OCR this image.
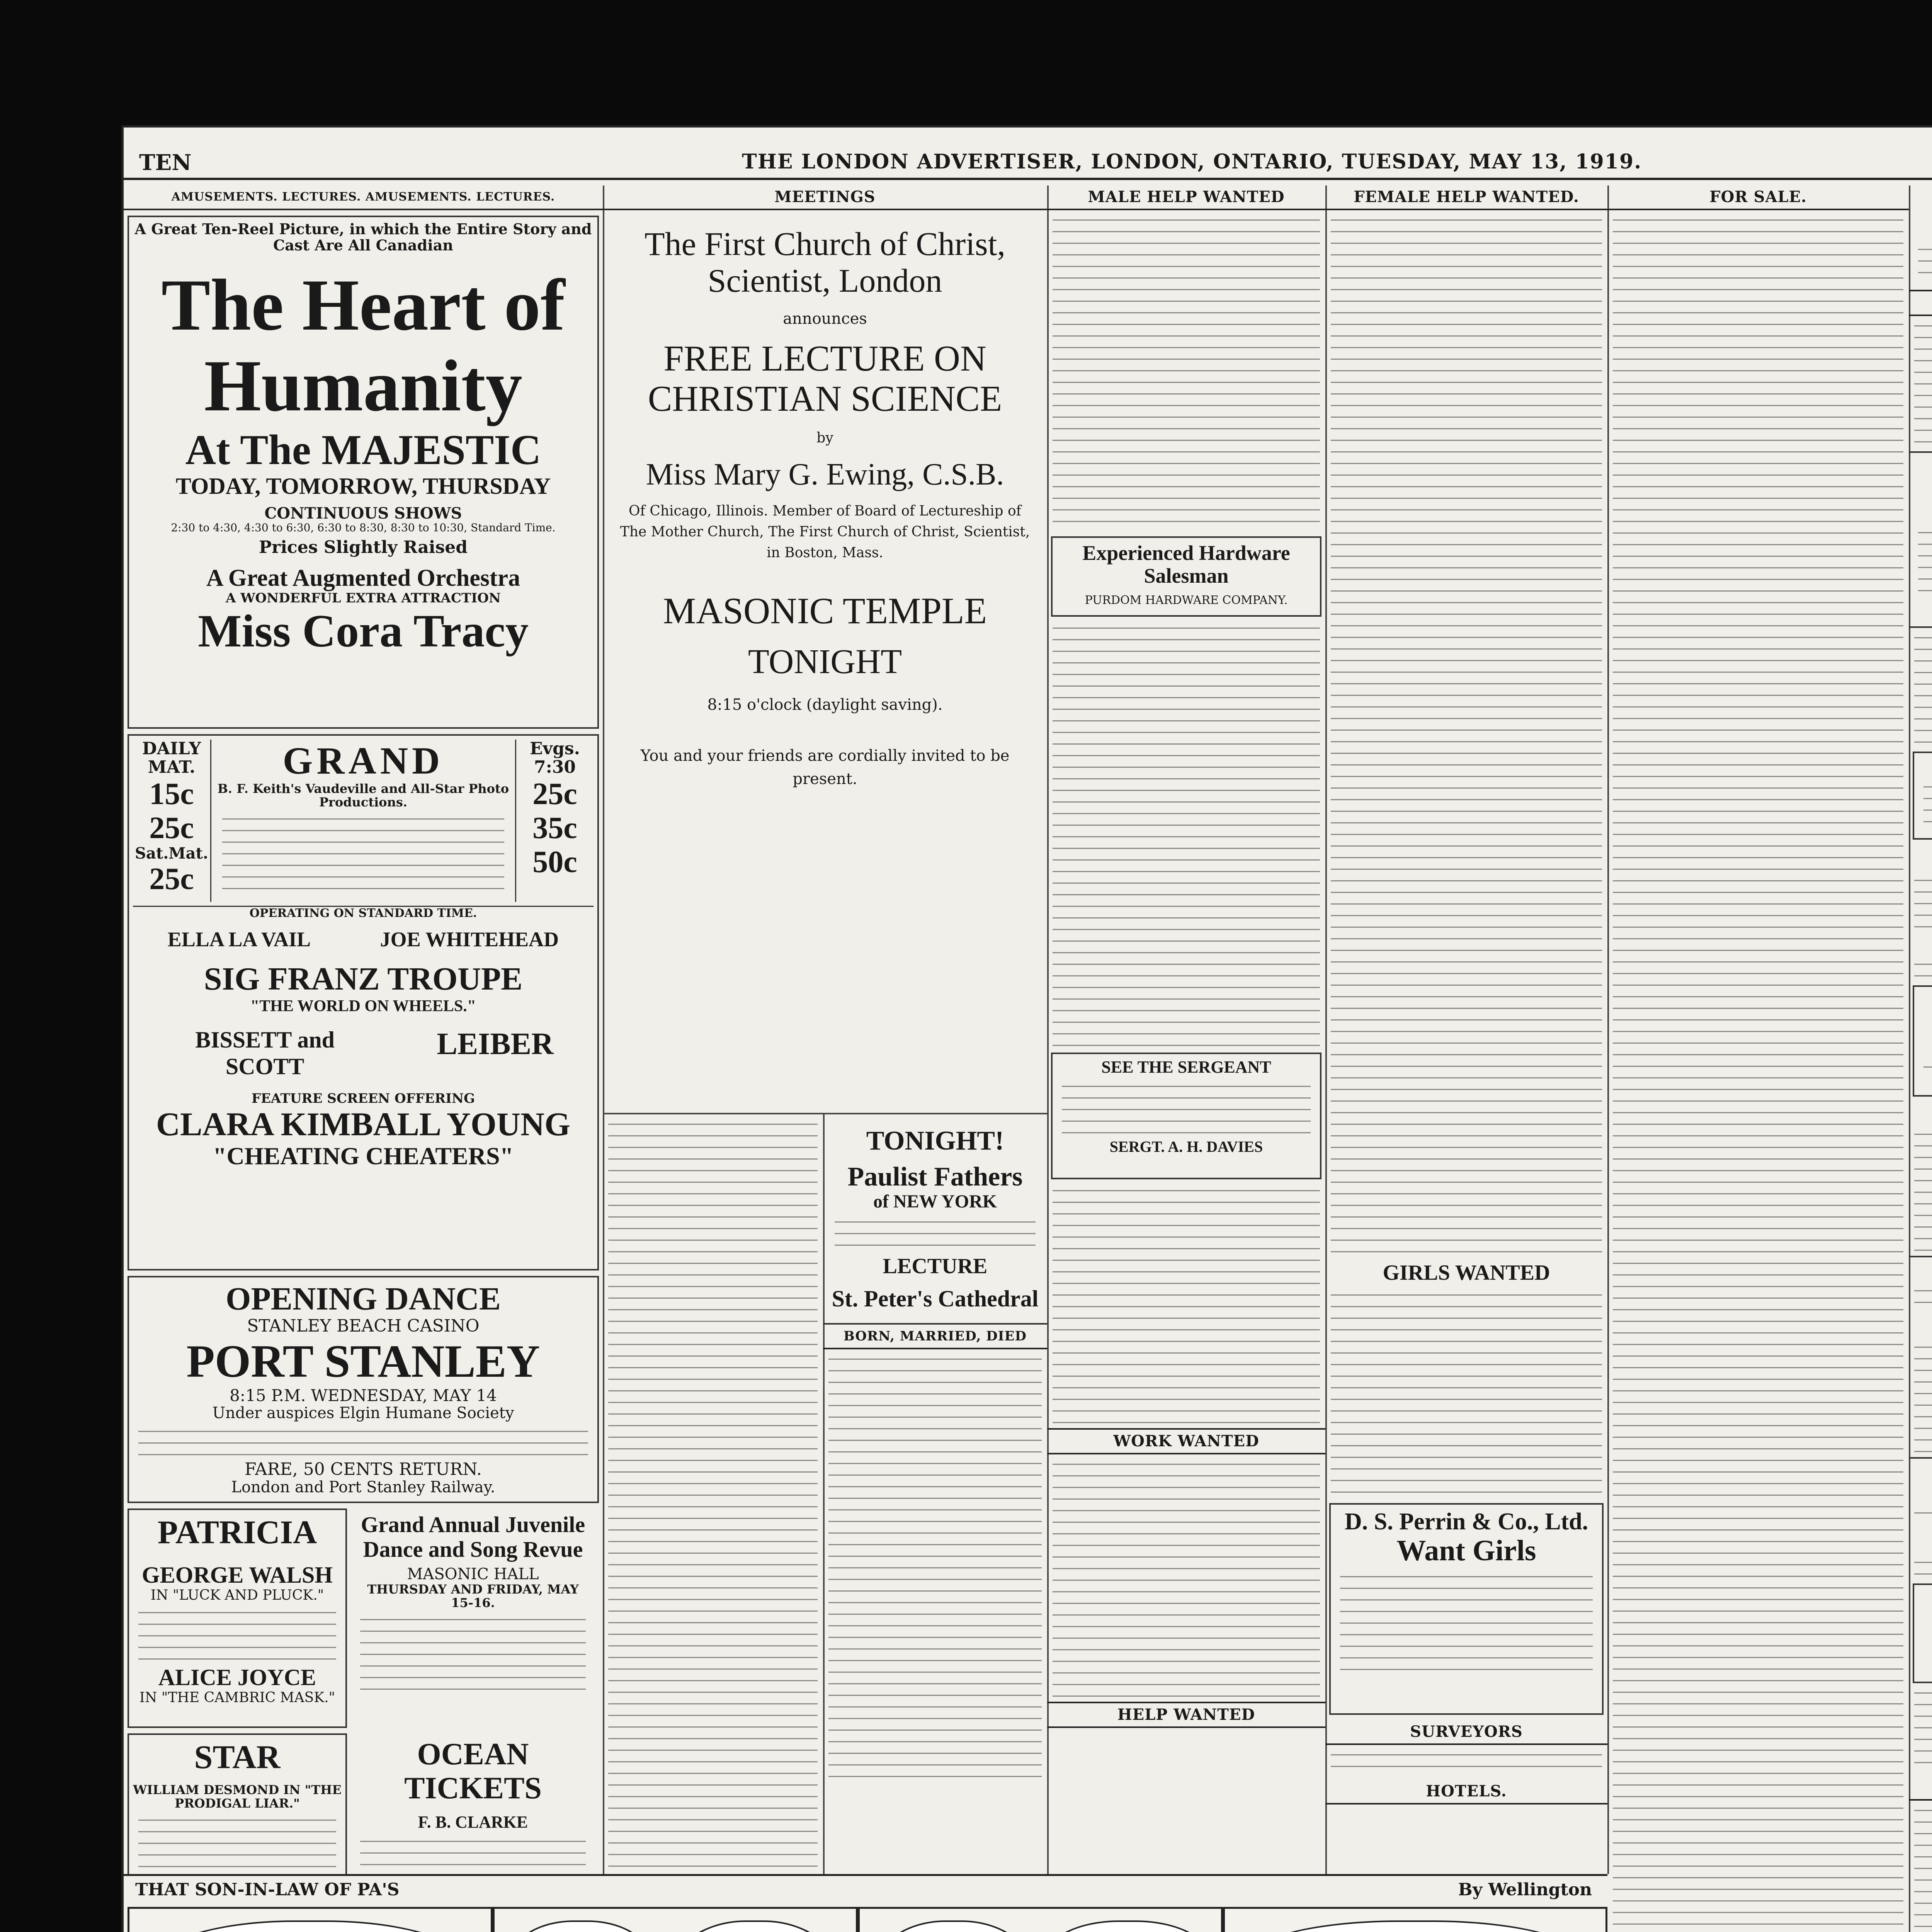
TEN	THE LONDON ADVERTISER, LONDON, ONTARIO, TUESDAY, MAY 13, 1919.
AMUSEMENTS. LECTURES. AMUSEMENTS. LECTURES.
A Great Ten-Reel Picture, in which the Entire Story and Cast Are All Canadian
The Heart of
Humanity
At The MAJESTIC
TODAY, TOMORROW, THURSDAY
CONTINUOUS SHOWS
2:30 to 4:30, 4:30 to 6:30, 6:30 to 8:30, 8:30 to 10:30, Standard Time.
Prices Slightly Raised
A Great Augmented Orchestra
A WONDERFUL EXTRA ATTRACTION
Miss Cora Tracy
DAILY MAT.
15c
25c
Sat.Mat.
25c
GRAND
B. F. Keith's Vaudeville and All-Star Photo Productions.
Evgs. 7:30
25c
35c
50c
OPERATING ON STANDARD TIME.
ELLA LA VAIL	JOE WHITEHEAD
SIG FRANZ TROUPE
"THE WORLD ON WHEELS."
BISSETT and SCOTT
LEIBER
FEATURE SCREEN OFFERING
CLARA KIMBALL YOUNG
"CHEATING CHEATERS"
OPENING DANCE
STANLEY BEACH CASINO
PORT STANLEY
8:15 P.M. WEDNESDAY, MAY 14
Under auspices Elgin Humane Society
FARE, 50 CENTS RETURN.
London and Port Stanley Railway.
PATRICIA
GEORGE WALSH
IN "LUCK AND PLUCK."
ALICE JOYCE
IN "THE CAMBRIC MASK."
Grand Annual Juvenile Dance and Song Revue
MASONIC HALL
THURSDAY AND FRIDAY, MAY 15-16.
STAR
WILLIAM DESMOND IN "THE PRODIGAL LIAR."
OCEAN TICKETS
F. B. CLARKE
MEETINGS
The First Church of Christ, Scientist, London
announces
FREE LECTURE ON CHRISTIAN SCIENCE
by
Miss Mary G. Ewing, C.S.B.
Of Chicago, Illinois. Member of Board of Lectureship of The Mother Church, The First Church of Christ, Scientist, in Boston, Mass.
MASONIC TEMPLE
TONIGHT
8:15 o'clock (daylight saving).
You and your friends are cordially invited to be present.
TONIGHT!
Paulist Fathers
of NEW YORK
LECTURE
St. Peter's Cathedral
BORN, MARRIED, DIED
MALE HELP WANTED
Experienced Hardware Salesman
PURDOM HARDWARE COMPANY.
SEE THE SERGEANT
SERGT. A. H. DAVIES
WORK WANTED
HELP WANTED
FEMALE HELP WANTED.
GIRLS WANTED
D. S. Perrin & Co., Ltd.
Want Girls
SURVEYORS
HOTELS.
FOR SALE.
THAT SON-IN-LAW OF PA'S	By Wellington
